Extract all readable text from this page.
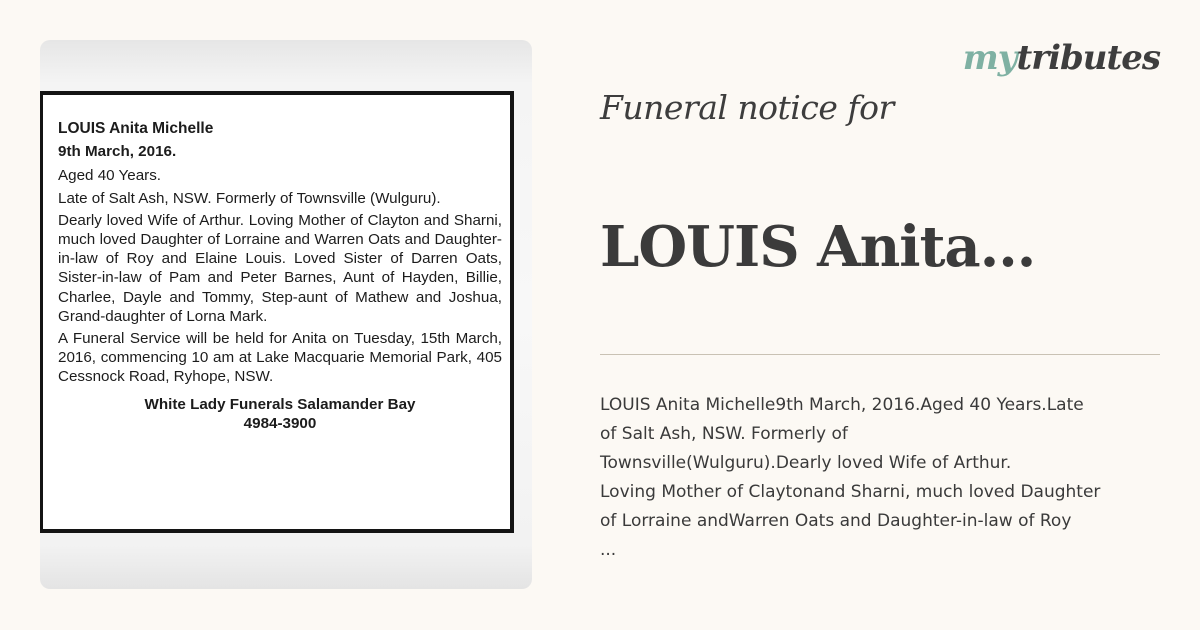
LOUIS Anita Michelle
9th March, 2016.
Aged 40 Years.
Late of Salt Ash, NSW. Formerly of Townsville (Wulguru).
Dearly loved Wife of Arthur. Loving Mother of Clayton and Sharni, much loved Daughter of Lorraine and Warren Oats and Daughter-in-law of Roy and Elaine Louis. Loved Sister of Darren Oats, Sister-in-law of Pam and Peter Barnes, Aunt of Hayden, Billie, Charlee, Dayle and Tommy, Step-aunt of Mathew and Joshua, Grand-daughter of Lorna Mark.
A Funeral Service will be held for Anita on Tuesday, 15th March, 2016, commencing 10 am at Lake Macquarie Memorial Park, 405 Cessnock Road, Ryhope, NSW.
White Lady Funerals Salamander Bay
4984-3900
mytributes
Funeral notice for
LOUIS Anita...
LOUIS Anita Michelle9th March, 2016.Aged 40 Years.Late
of Salt Ash, NSW. Formerly of
Townsville(Wulguru).Dearly loved Wife of Arthur.
Loving Mother of Claytonand Sharni, much loved Daughter
of Lorraine andWarren Oats and Daughter-in-law of Roy
...
